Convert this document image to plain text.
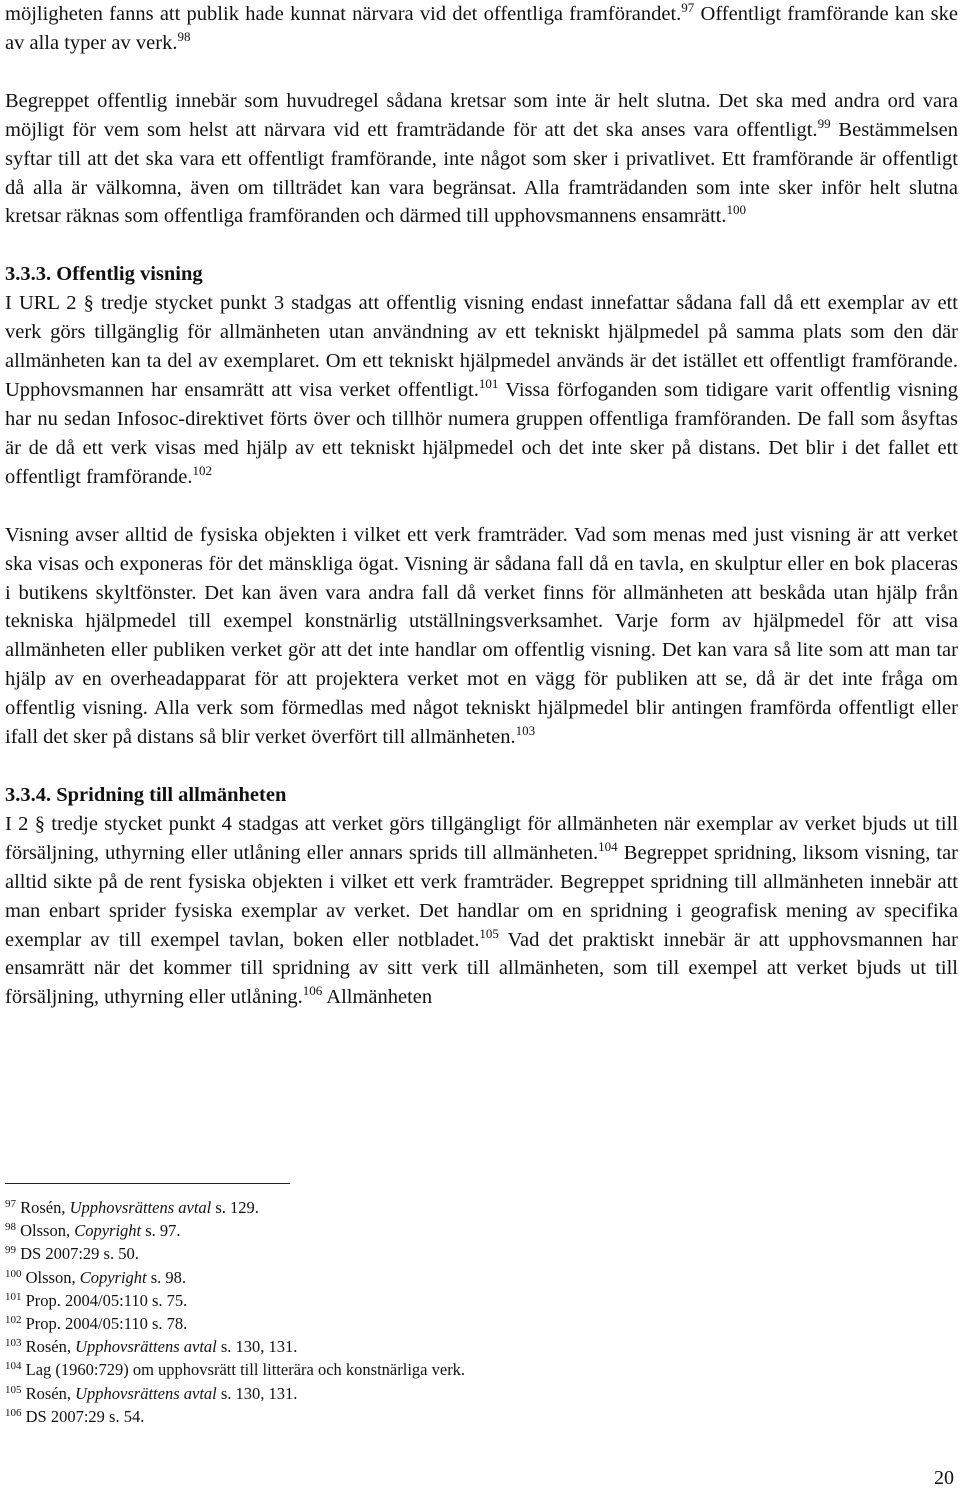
möjligheten fanns att publik hade kunnat närvara vid det offentliga framförandet.$^{97}$ Offentligt framförande kan ske av alla typer av verk.$^{98}$

Begreppet offentlig innebär som huvudregel sådana kretsar som inte är helt slutna. Det ska med andra ord vara möjligt för vem som helst att närvara vid ett framträdande för att det ska anses vara offentligt.$^{99}$ Bestämmelsen syftar till att det ska vara ett offentligt framförande, inte något som sker i privatlivet. Ett framförande är offentligt då alla är välkomna, även om tillträdet kan vara begränsat. Alla framträdanden som inte sker inför helt slutna kretsar räknas som offentliga framföranden och därmed till upphovsmannens ensamrätt.$^{100}$

3.3.3. Offentlig visning

I URL 2 § tredje stycket punkt 3 stadgas att offentlig visning endast innefattar sådana fall då ett exemplar av ett verk görs tillgänglig för allmänheten utan användning av ett tekniskt hjälpmedel på samma plats som den där allmänheten kan ta del av exemplaret. Om ett tekniskt hjälpmedel används är det istället ett offentligt framförande. Upphovsmannen har ensamrätt att visa verket offentligt.$^{101}$ Vissa förfoganden som tidigare varit offentlig visning har nu sedan Infosoc-direktivet förts över och tillhör numera gruppen offentliga framföranden. De fall som åsyftas är de då ett verk visas med hjälp av ett tekniskt hjälpmedel och det inte sker på distans. Det blir i det fallet ett offentligt framförande.$^{102}$

Visning avser alltid de fysiska objekten i vilket ett verk framträder. Vad som menas med just visning är att verket ska visas och exponeras för det mänskliga ögat. Visning är sådana fall då en tavla, en skulptur eller en bok placeras i butikens skyltfönster. Det kan även vara andra fall då verket finns för allmänheten att beskåda utan hjälp från tekniska hjälpmedel till exempel konstnärlig utställningsverksamhet. Varje form av hjälpmedel för att visa allmänheten eller publiken verket gör att det inte handlar om offentlig visning. Det kan vara så lite som att man tar hjälp av en overheadapparat för att projektera verket mot en vägg för publiken att se, då är det inte fråga om offentlig visning. Alla verk som förmedlas med något tekniskt hjälpmedel blir antingen framförda offentligt eller ifall det sker på distans så blir verket överfört till allmänheten.$^{103}$

3.3.4. Spridning till allmänheten

I 2 § tredje stycket punkt 4 stadgas att verket görs tillgängligt för allmänheten när exemplar av verket bjuds ut till försäljning, uthyrning eller utlåning eller annars sprids till allmänheten.$^{104}$ Begreppet spridning, liksom visning, tar alltid sikte på de rent fysiska objekten i vilket ett verk framträder. Begreppet spridning till allmänheten innebär att man enbart sprider fysiska exemplar av verket. Det handlar om en spridning i geografisk mening av specifika exemplar av till exempel tavlan, boken eller notbladet.$^{105}$ Vad det praktiskt innebär är att upphovsmannen har ensamrätt när det kommer till spridning av sitt verk till allmänheten, som till exempel att verket bjuds ut till försäljning, uthyrning eller utlåning.$^{106}$ Allmänheten

$^{97}$ Rosén, Upphovsrättens avtal s. 129.

$^{98}$ Olsson, Copyright s. 97.

$^{99}$ DS 2007:29 s. 50.

$^{100}$ Olsson, Copyright s. 98.

$^{101}$ Prop. 2004/05:110 s. 75.

$^{102}$ Prop. 2004/05:110 s. 78.

$^{103}$ Rosén, Upphovsrättens avtal s. 130, 131.

$^{104}$ Lag (1960:729) om upphovsrätt till litterära och konstnärliga verk.

$^{105}$ Rosén, Upphovsrättens avtal s. 130, 131.

$^{106}$ DS 2007:29 s. 54.

20
